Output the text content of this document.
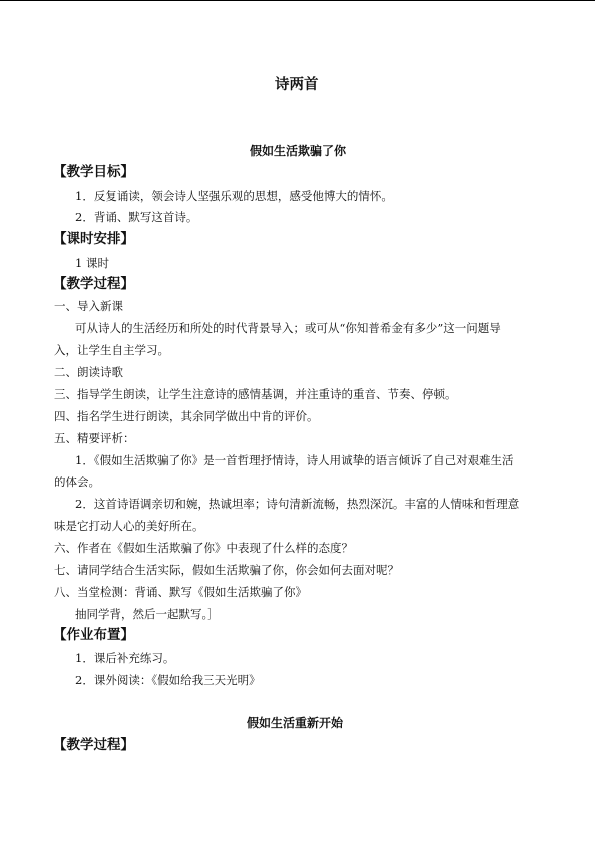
诗两首
假如生活欺骗了你
【教学目标】
1．反复诵读，领会诗人坚强乐观的思想，感受他博大的情怀。
2．背诵、默写这首诗。
【课时安排】
1 课时
【教学过程】
一、导入新课
可从诗人的生活经历和所处的时代背景导入；或可从“你知普希金有多少”这一问题导
入，让学生自主学习。
二、朗读诗歌
三、指导学生朗读，让学生注意诗的感情基调，并注重诗的重音、节奏、停顿。
四、指名学生进行朗读，其余同学做出中肯的评价。
五、精要评析：
1．《假如生活欺骗了你》是一首哲理抒情诗，诗人用诚挚的语言倾诉了自己对艰难生活
的体会。
2．这首诗语调亲切和婉，热诚坦率；诗句清新流畅，热烈深沉。丰富的人情味和哲理意
味是它打动人心的美好所在。
六、作者在《假如生活欺骗了你》中表现了什么样的态度？
七、请同学结合生活实际，假如生活欺骗了你，你会如何去面对呢？
八、当堂检测：背诵、默写《假如生活欺骗了你》
抽同学背，然后一起默写。］
【作业布置】
1．课后补充练习。
2．课外阅读：《假如给我三天光明》
假如生活重新开始
【教学过程】
